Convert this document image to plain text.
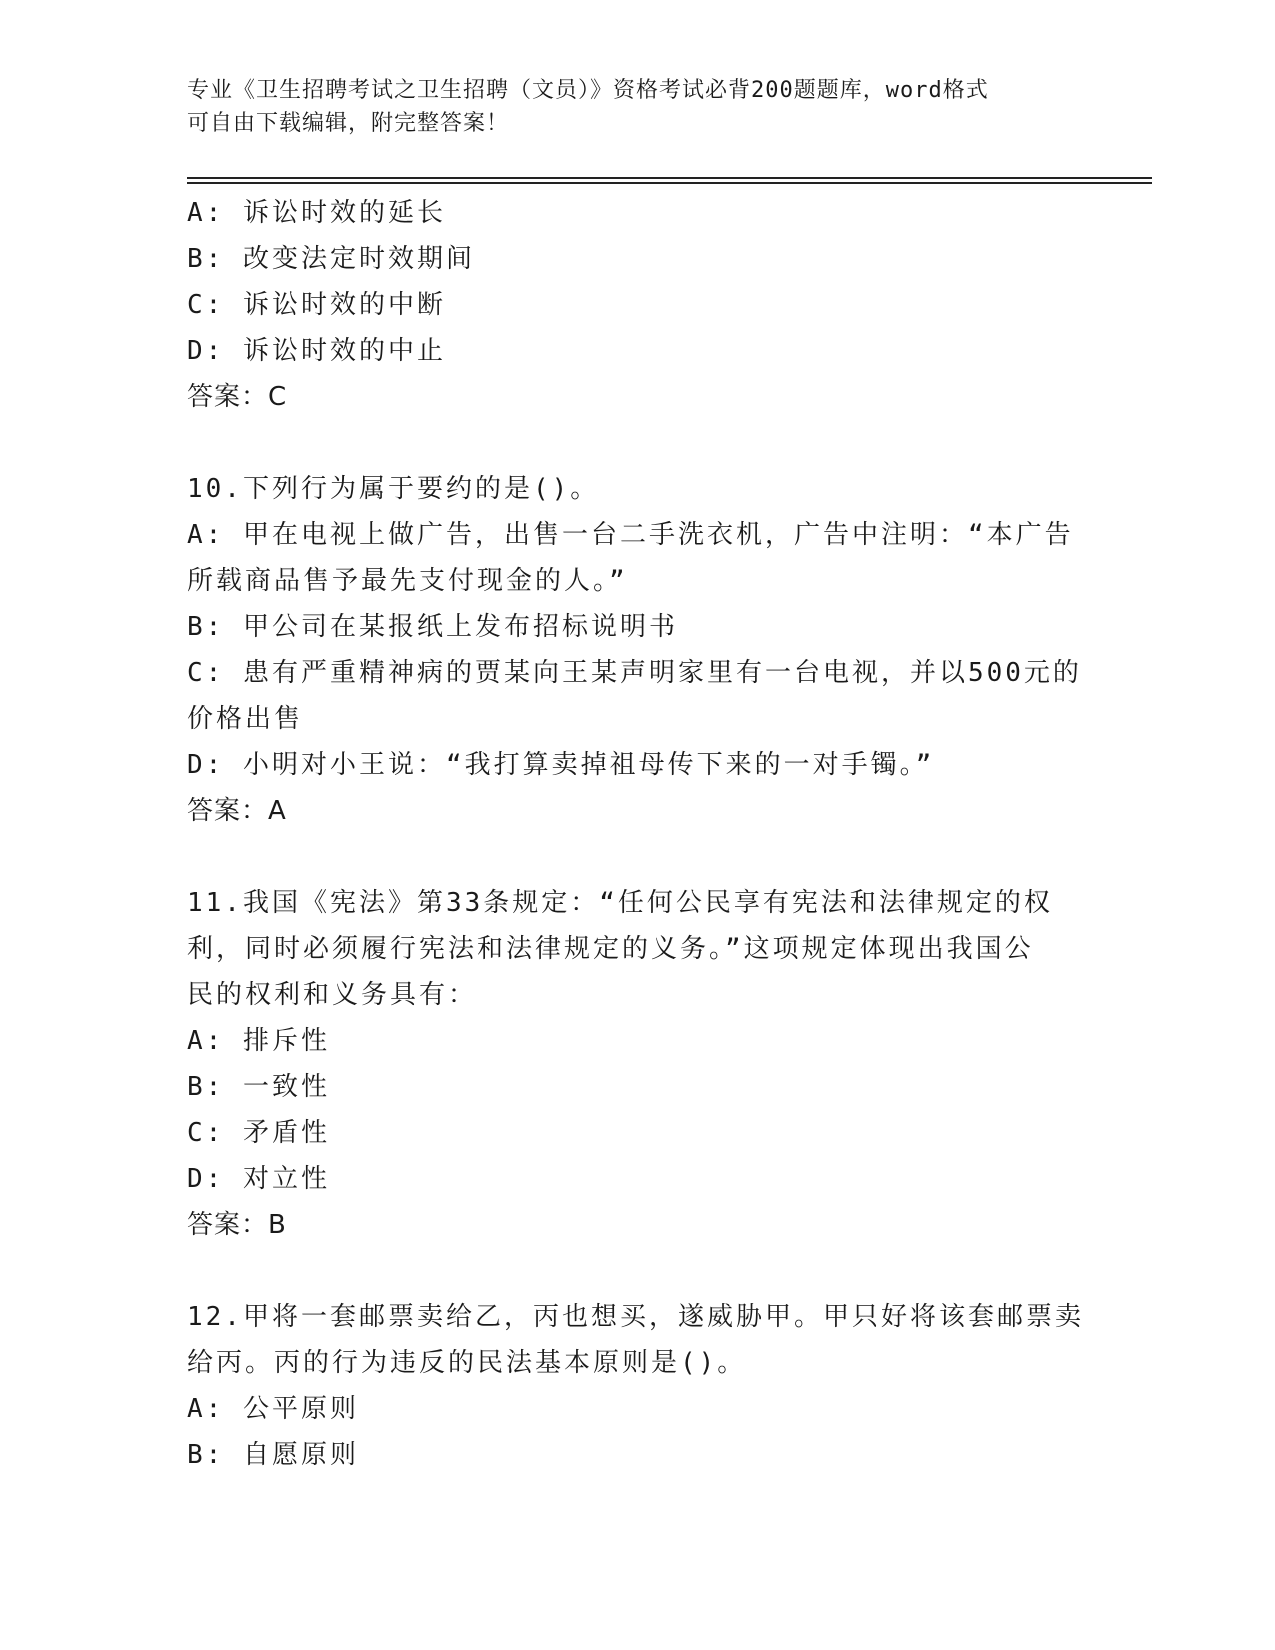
专业《卫生招聘考试之卫生招聘（文员）》资格考试必背200题题库，word格式
可自由下载编辑，附完整答案！
A: 诉讼时效的延长
B: 改变法定时效期间
C: 诉讼时效的中断
D: 诉讼时效的中止
答案：C
10.下列行为属于要约的是()。
A: 甲在电视上做广告，出售一台二手洗衣机，广告中注明：“本广告
所载商品售予最先支付现金的人。”
B: 甲公司在某报纸上发布招标说明书
C: 患有严重精神病的贾某向王某声明家里有一台电视，并以500元的
价格出售
D: 小明对小王说：“我打算卖掉祖母传下来的一对手镯。”
答案：A
11.我国《宪法》第33条规定：“任何公民享有宪法和法律规定的权
利，同时必须履行宪法和法律规定的义务。”这项规定体现出我国公
民的权利和义务具有：
A: 排斥性
B: 一致性
C: 矛盾性
D: 对立性
答案：B
12.甲将一套邮票卖给乙，丙也想买，遂威胁甲。甲只好将该套邮票卖
给丙。丙的行为违反的民法基本原则是()。
A: 公平原则
B: 自愿原则
